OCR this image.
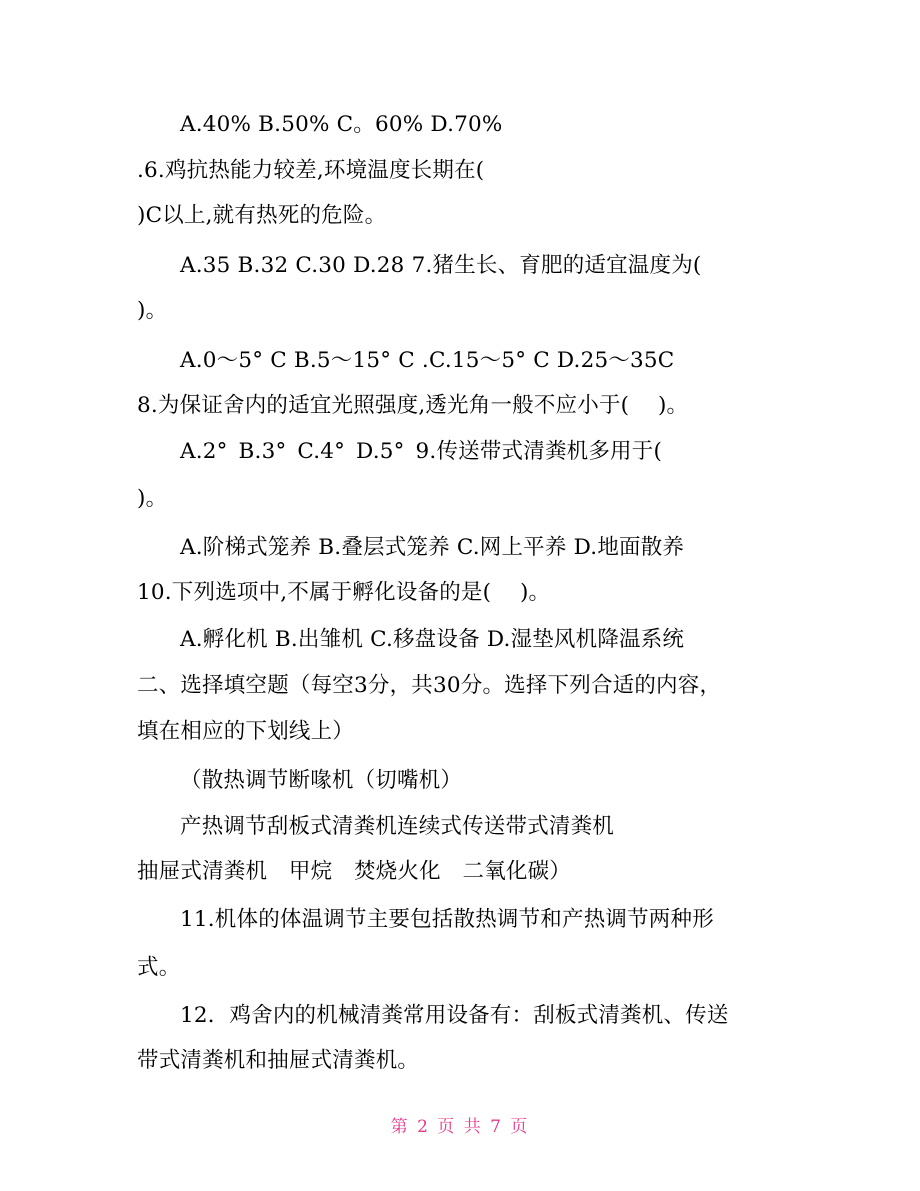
A.40% B.50% C。60% D.70%
.6.鸡抗热能力较差,环境温度长期在(
)C以上,就有热死的危险。
A.35 B.32 C.30 D.28 7.猪生长、育肥的适宜温度为(
)。
A.0～5° C B.5～15° C .C.15～5° C D.25～35C
8.为保证舍内的适宜光照强度,透光角一般不应小于(　 )。
A.2° B.3° C.4° D.5° 9.传送带式清粪机多用于(
)。
A.阶梯式笼养 B.叠层式笼养 C.网上平养 D.地面散养
10.下列选项中,不属于孵化设备的是(　 )。
A.孵化机 B.出雏机 C.移盘设备 D.湿垫风机降温系统
二、选择填空题（每空3分，共30分。选择下列合适的内容，
填在相应的下划线上）
（散热调节断喙机（切嘴机）
产热调节刮板式清粪机连续式传送带式清粪机
抽屉式清粪机　甲烷　焚烧火化　二氧化碳）
11.机体的体温调节主要包括散热调节和产热调节两种形
式。
12．鸡舍内的机械清粪常用设备有：刮板式清粪机、传送
带式清粪机和抽屉式清粪机。
第 2 页 共 7 页
